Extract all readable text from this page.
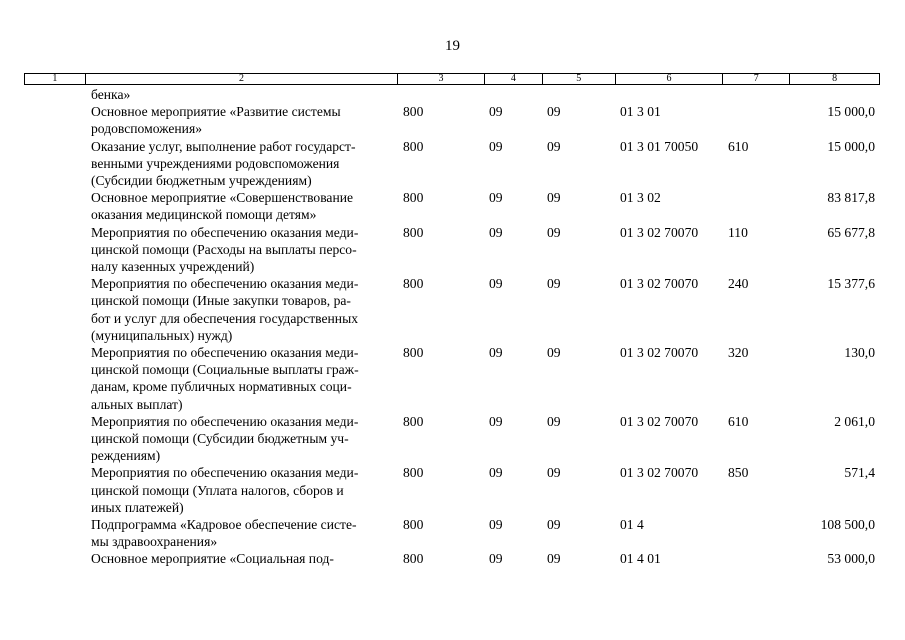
19
1	2	3	4	5	6	7	8
бенка»
Основное мероприятие «Развитие системы
родовспоможения»
800	09	09	01 3 01	15 000,0
Оказание услуг, выполнение работ государст-
венными учреждениями родовспоможения
(Субсидии бюджетным учреждениям)
800	09	09	01 3 01 70050 610	15 000,0
Основное мероприятие «Совершенствование
оказания медицинской помощи детям»
800	09	09	01 3 02	83 817,8
Мероприятия по обеспечению оказания меди-
цинской помощи (Расходы на выплаты персо-
налу казенных учреждений)
800	09	09	01 3 02 70070 110	65 677,8
Мероприятия по обеспечению оказания меди-
цинской помощи (Иные закупки товаров, ра-
бот и услуг для обеспечения государственных
(муниципальных) нужд)
800	09	09	01 3 02 70070 240	15 377,6
Мероприятия по обеспечению оказания меди-
цинской помощи (Социальные выплаты граж-
данам, кроме публичных нормативных соци-
альных выплат)
800	09	09	01 3 02 70070 320	130,0
Мероприятия по обеспечению оказания меди-
цинской помощи (Субсидии бюджетным уч-
реждениям)
800	09	09	01 3 02 70070 610	2 061,0
Мероприятия по обеспечению оказания меди-
цинской помощи (Уплата налогов, сборов и
иных платежей)
800	09	09	01 3 02 70070 850	571,4
Подпрограмма «Кадровое обеспечение систе-
мы здравоохранения»
800	09	09	01 4	108 500,0
Основное мероприятие «Социальная под-	800	09	09	01 4 01	53 000,0
